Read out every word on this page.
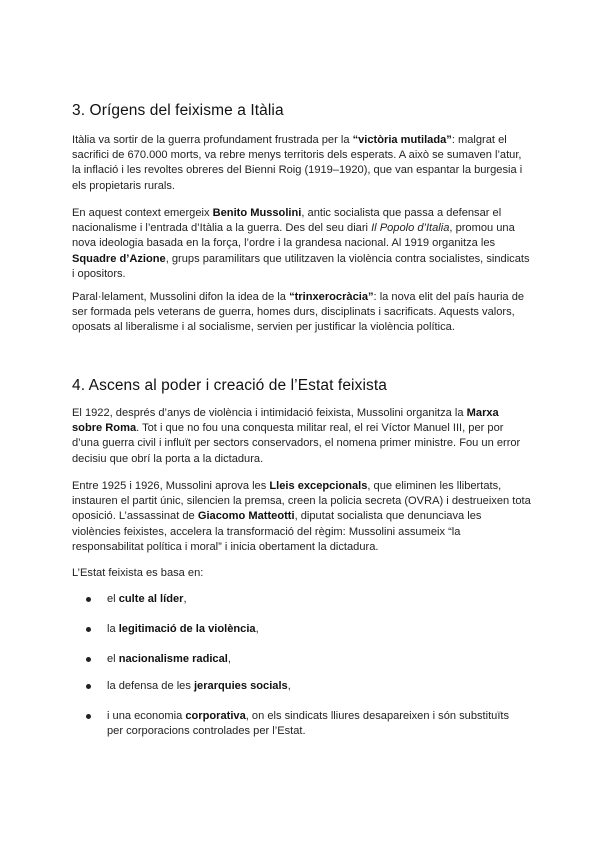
3. Orígens del feixisme a Itàlia

Itàlia va sortir de la guerra profundament frustrada per la “victòria mutilada”: malgrat el sacrifici de 670.000 morts, va rebre menys territoris dels esperats. A això se sumaven l’atur, la inflació i les revoltes obreres del Bienni Roig (1919–1920), que van espantar la burgesia i els propietaris rurals.

En aquest context emergeix Benito Mussolini, antic socialista que passa a defensar el nacionalisme i l’entrada d’Itàlia a la guerra. Des del seu diari Il Popolo d’Italia, promou una nova ideologia basada en la força, l’ordre i la grandesa nacional. Al 1919 organitza les Squadre d’Azione, grups paramilitars que utilitzaven la violència contra socialistes, sindicats i opositors.

Paral·lelament, Mussolini difon la idea de la “trinxerocràcia”: la nova elit del país hauria de ser formada pels veterans de guerra, homes durs, disciplinats i sacrificats. Aquests valors, oposats al liberalisme i al socialisme, servien per justificar la violència política.

4. Ascens al poder i creació de l’Estat feixista

El 1922, després d’anys de violència i intimidació feixista, Mussolini organitza la Marxa sobre Roma. Tot i que no fou una conquesta militar real, el rei Víctor Manuel III, per por d’una guerra civil i influït per sectors conservadors, el nomena primer ministre. Fou un error decisiu que obrí la porta a la dictadura.

Entre 1925 i 1926, Mussolini aprova les Lleis excepcionals, que eliminen les llibertats, instauren el partit únic, silencien la premsa, creen la policia secreta (OVRA) i destrueixen tota oposició. L’assassinat de Giacomo Matteotti, diputat socialista que denunciava les violències feixistes, accelera la transformació del règim: Mussolini assumeix “la responsabilitat política i moral” i inicia obertament la dictadura.

L’Estat feixista es basa en:

el culte al líder,
la legitimació de la violència,
el nacionalisme radical,
la defensa de les jerarquies socials,
i una economia corporativa, on els sindicats lliures desapareixen i són substituïts per corporacions controlades per l’Estat.
